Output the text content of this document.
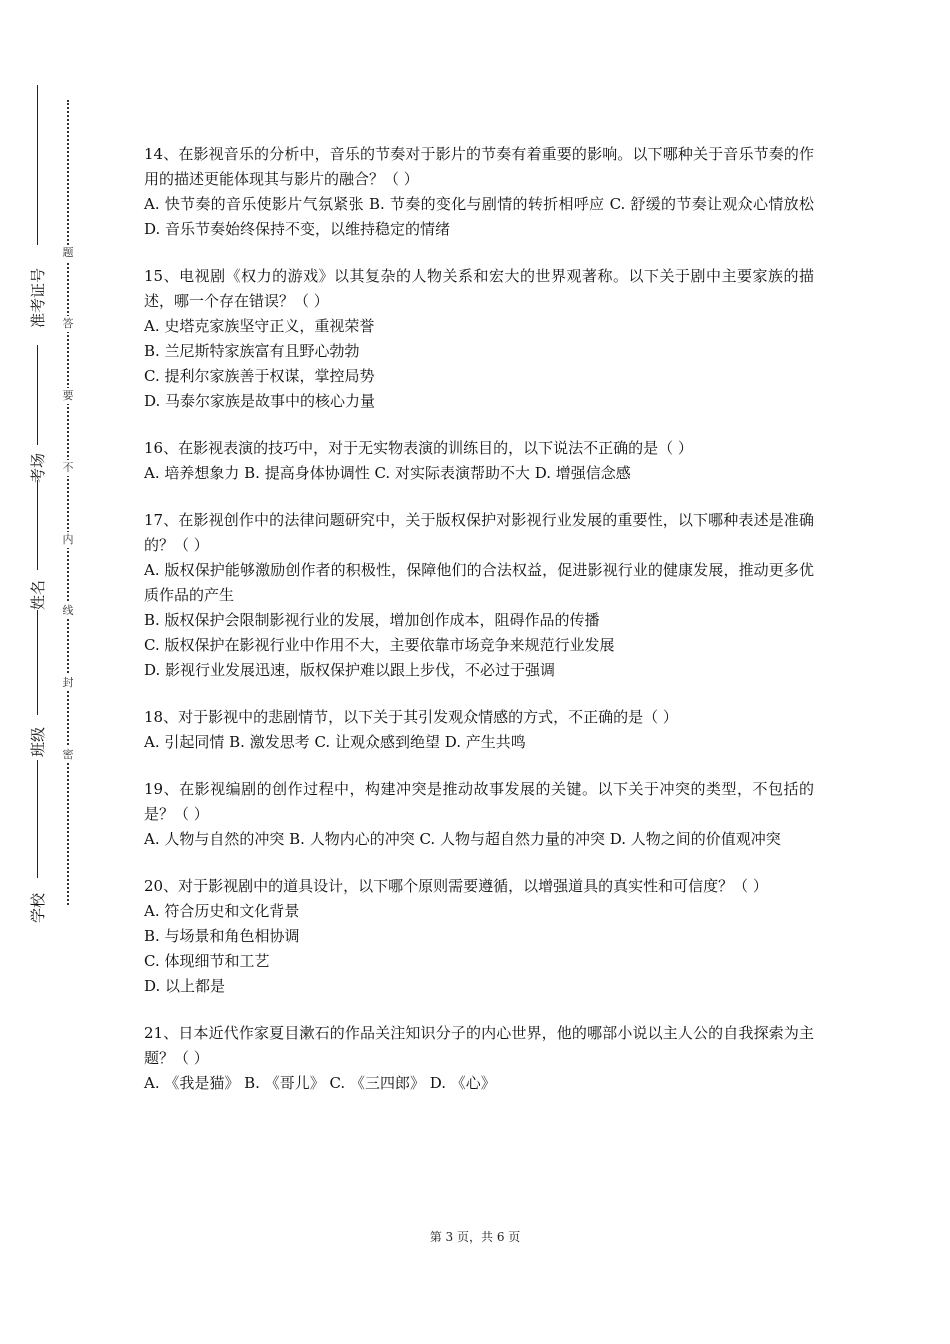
准考证号
考场
姓名
班级
学校
题
答
要
不
内
线
封
密

14、在影视音乐的分析中，音乐的节奏对于影片的节奏有着重要的影响。以下哪种关于音乐节奏的作用的描述更能体现其与影片的融合？（ ）

A. 快节奏的音乐使影片气氛紧张 B. 节奏的变化与剧情的转折相呼应 C. 舒缓的节奏让观众心情放松 D. 音乐节奏始终保持不变，以维持稳定的情绪

15、电视剧《权力的游戏》以其复杂的人物关系和宏大的世界观著称。以下关于剧中主要家族的描述，哪一个存在错误？（ ）

A. 史塔克家族坚守正义，重视荣誉

B. 兰尼斯特家族富有且野心勃勃

C. 提利尔家族善于权谋，掌控局势

D. 马泰尔家族是故事中的核心力量

16、在影视表演的技巧中，对于无实物表演的训练目的，以下说法不正确的是（ ）

A. 培养想象力 B. 提高身体协调性 C. 对实际表演帮助不大 D. 增强信念感

17、在影视创作中的法律问题研究中，关于版权保护对影视行业发展的重要性，以下哪种表述是准确的？（ ）

A. 版权保护能够激励创作者的积极性，保障他们的合法权益，促进影视行业的健康发展，推动更多优质作品的产生

B. 版权保护会限制影视行业的发展，增加创作成本，阻碍作品的传播

C. 版权保护在影视行业中作用不大，主要依靠市场竞争来规范行业发展

D. 影视行业发展迅速，版权保护难以跟上步伐，不必过于强调

18、对于影视中的悲剧情节，以下关于其引发观众情感的方式，不正确的是（ ）

A. 引起同情 B. 激发思考 C. 让观众感到绝望 D. 产生共鸣

19、在影视编剧的创作过程中，构建冲突是推动故事发展的关键。以下关于冲突的类型，不包括的是？（ ）

A. 人物与自然的冲突 B. 人物内心的冲突 C. 人物与超自然力量的冲突 D. 人物之间的价值观冲突

20、对于影视剧中的道具设计，以下哪个原则需要遵循，以增强道具的真实性和可信度？（ ）

A. 符合历史和文化背景

B. 与场景和角色相协调

C. 体现细节和工艺

D. 以上都是

21、日本近代作家夏目漱石的作品关注知识分子的内心世界，他的哪部小说以主人公的自我探索为主题？（ ）

A. 《我是猫》 B. 《哥儿》 C. 《三四郎》 D. 《心》

第 3 页，共 6 页
